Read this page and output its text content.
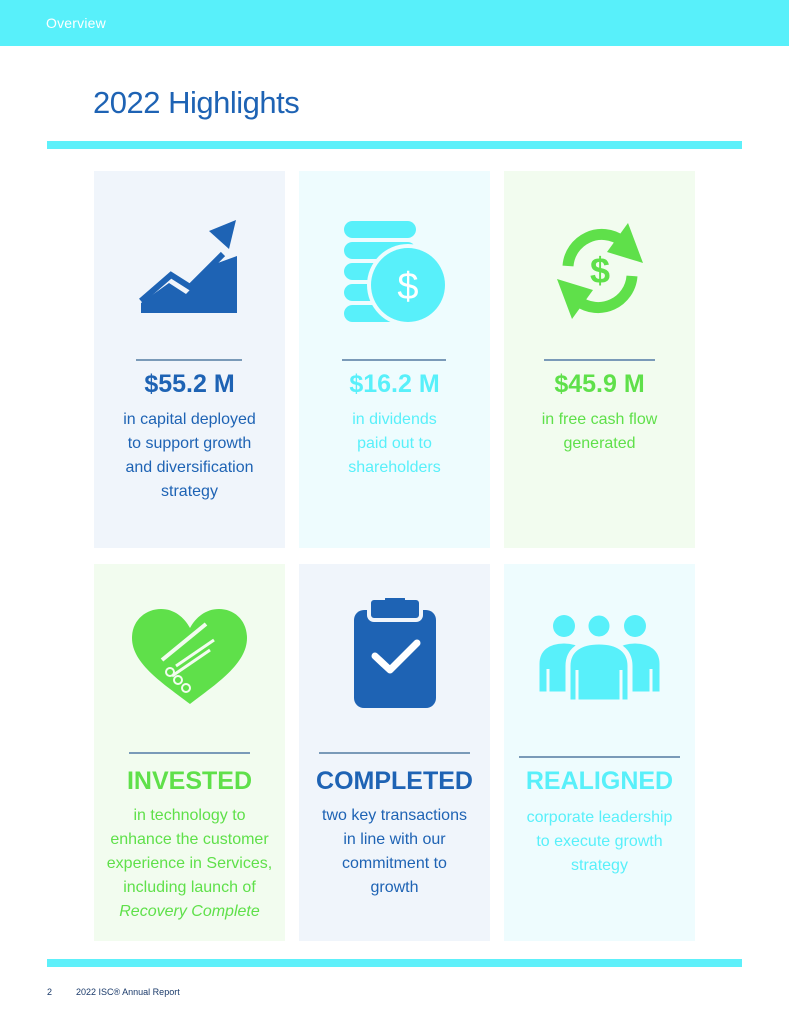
Overview
2022 Highlights
$55.2 M
in capital deployed
to support growth
and diversification
strategy
$
$16.2 M
in dividends
paid out to
shareholders
$
$45.9 M
in free cash flow
generated
INVESTED
in technology to
enhance the customer
experience in Services,
including launch of
Recovery Complete
COMPLETED
two key transactions
in line with our
commitment to
growth
REALIGNED
corporate leadership
to execute growth
strategy
2	2022 ISC® Annual Report
